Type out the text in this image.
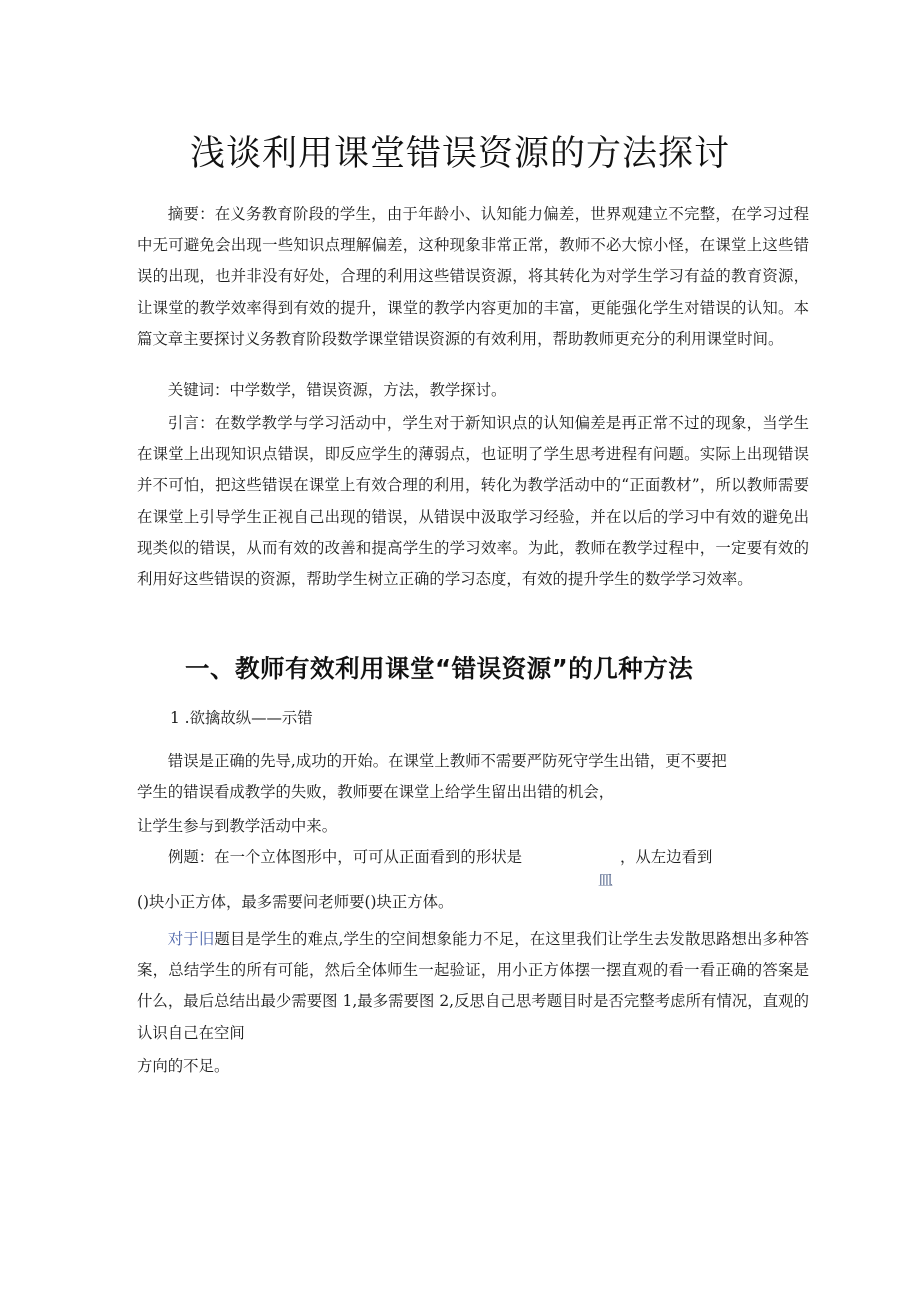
浅谈利用课堂错误资源的方法探讨

摘要：在义务教育阶段的学生，由于年龄小、认知能力偏差，世界观建立不完整，在学习过程中无可避免会出现一些知识点理解偏差，这种现象非常正常，教师不必大惊小怪，在课堂上这些错误的出现，也并非没有好处，合理的利用这些错误资源，将其转化为对学生学习有益的教育资源，让课堂的教学效率得到有效的提升，课堂的教学内容更加的丰富，更能强化学生对错误的认知。本篇文章主要探讨义务教育阶段数学课堂错误资源的有效利用，帮助教师更充分的利用课堂时间。

关键词：中学数学，错误资源，方法，教学探讨。

引言：在数学教学与学习活动中，学生对于新知识点的认知偏差是再正常不过的现象，当学生在课堂上出现知识点错误，即反应学生的薄弱点，也证明了学生思考进程有问题。实际上出现错误并不可怕，把这些错误在课堂上有效合理的利用，转化为教学活动中的“正面教材”，所以教师需要在课堂上引导学生正视自己出现的错误，从错误中汲取学习经验，并在以后的学习中有效的避免出现类似的错误，从而有效的改善和提高学生的学习效率。为此，教师在教学过程中，一定要有效的利用好这些错误的资源，帮助学生树立正确的学习态度，有效的提升学生的数学学习效率。

一、教师有效利用课堂“错误资源”的几种方法

1 .欲擒故纵——示错

错误是正确的先导,成功的开始。在课堂上教师不需要严防死守学生出错，更不要把
学生的错误看成教学的失败，教师要在课堂上给学生留出出错的机会，

让学生参与到教学活动中来。

例题：在一个立体图形中，可可从正面看到的形状是	，从左边看到

皿

()块小正方体，最多需要问老师要()块正方体。

对于旧题目是学生的难点,学生的空间想象能力不足，在这里我们让学生去发散思路想出多种答案，总结学生的所有可能，然后全体师生一起验证，用小正方体摆一摆直观的看一看正确的答案是什么，最后总结出最少需要图 1,最多需要图 2,反思自己思考题目时是否完整考虑所有情况，直观的认识自己在空间

方向的不足。
